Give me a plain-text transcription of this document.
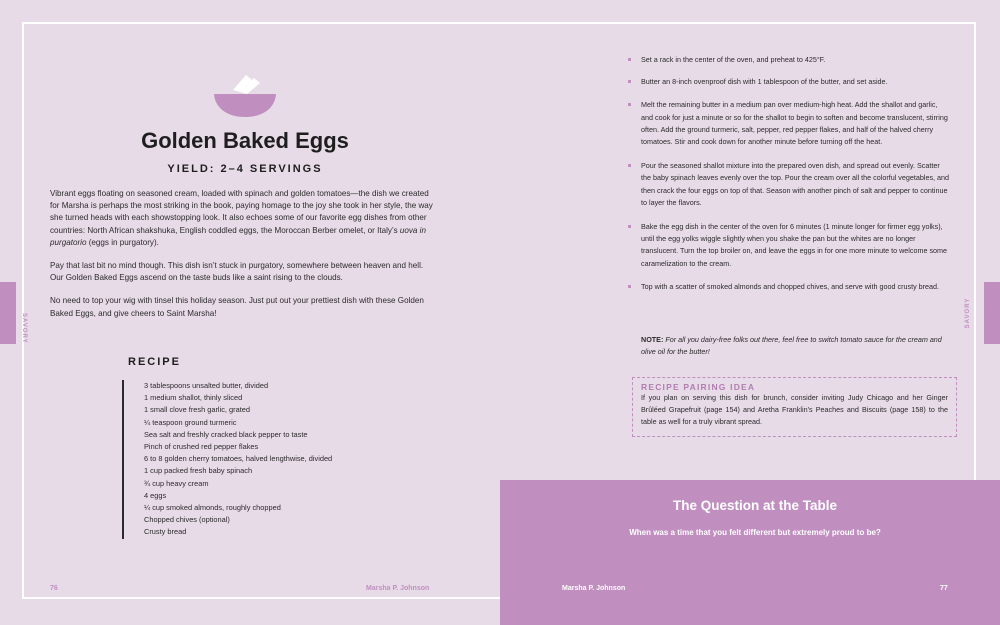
SAVORY	SAVORY
Golden Baked Eggs
YIELD: 2–4 SERVINGS

Vibrant eggs floating on seasoned cream, loaded with spinach and golden tomatoes—the dish we created for Marsha is perhaps the most striking in the book, paying homage to the joy she took in her style, the way she turned heads with each showstopping look. It also echoes some of our favorite egg dishes from other countries: North African shakshuka, English coddled eggs, the Moroccan Berber omelet, or Italy’s uova in purgatorio (eggs in purgatory).

Pay that last bit no mind though. This dish isn’t stuck in purgatory, somewhere between heaven and hell. Our Golden Baked Eggs ascend on the taste buds like a saint rising to the clouds.

No need to top your wig with tinsel this holiday season. Just put out your prettiest dish with these Golden Baked Eggs, and give cheers to Saint Marsha!

RECIPE
3 tablespoons unsalted butter, divided
1 medium shallot, thinly sliced
1 small clove fresh garlic, grated
¼ teaspoon ground turmeric
Sea salt and freshly cracked black pepper to taste
Pinch of crushed red pepper flakes
6 to 8 golden cherry tomatoes, halved lengthwise, divided
1 cup packed fresh baby spinach
¾ cup heavy cream
4 eggs
¼ cup smoked almonds, roughly chopped
Chopped chives (optional)
Crusty bread
Set a rack in the center of the oven, and preheat to 425°F.
Butter an 8-inch ovenproof dish with 1 tablespoon of the butter, and set aside.
Melt the remaining butter in a medium pan over medium-high heat. Add the shallot and garlic, and cook for just a minute or so for the shallot to begin to soften and become translucent, stirring often. Add the ground turmeric, salt, pepper, red pepper flakes, and half of the halved cherry tomatoes. Stir and cook down for another minute before turning off the heat.
Pour the seasoned shallot mixture into the prepared oven dish, and spread out evenly. Scatter the baby spinach leaves evenly over the top. Pour the cream over all the colorful vegetables, and then crack the four eggs on top of that. Season with another pinch of salt and pepper to continue to layer the flavors.
Bake the egg dish in the center of the oven for 6 minutes (1 minute longer for firmer egg yolks), until the egg yolks wiggle slightly when you shake the pan but the whites are no longer translucent. Turn the top broiler on, and leave the eggs in for one more minute to welcome some caramelization to the cream.
Top with a scatter of smoked almonds and chopped chives, and serve with good crusty bread.
NOTE: For all you dairy-free folks out there, feel free to switch tomato sauce for the cream and olive oil for the butter!
RECIPE PAIRING IDEA
If you plan on serving this dish for brunch, consider inviting Judy Chicago and her Ginger Brûléed Grapefruit (page 154) and Aretha Franklin’s Peaches and Biscuits (page 158) to the table as well for a truly vibrant spread.
The Question at the Table
When was a time that you felt different but extremely proud to be?
76	Marsha P. Johnson	Marsha P. Johnson	77
